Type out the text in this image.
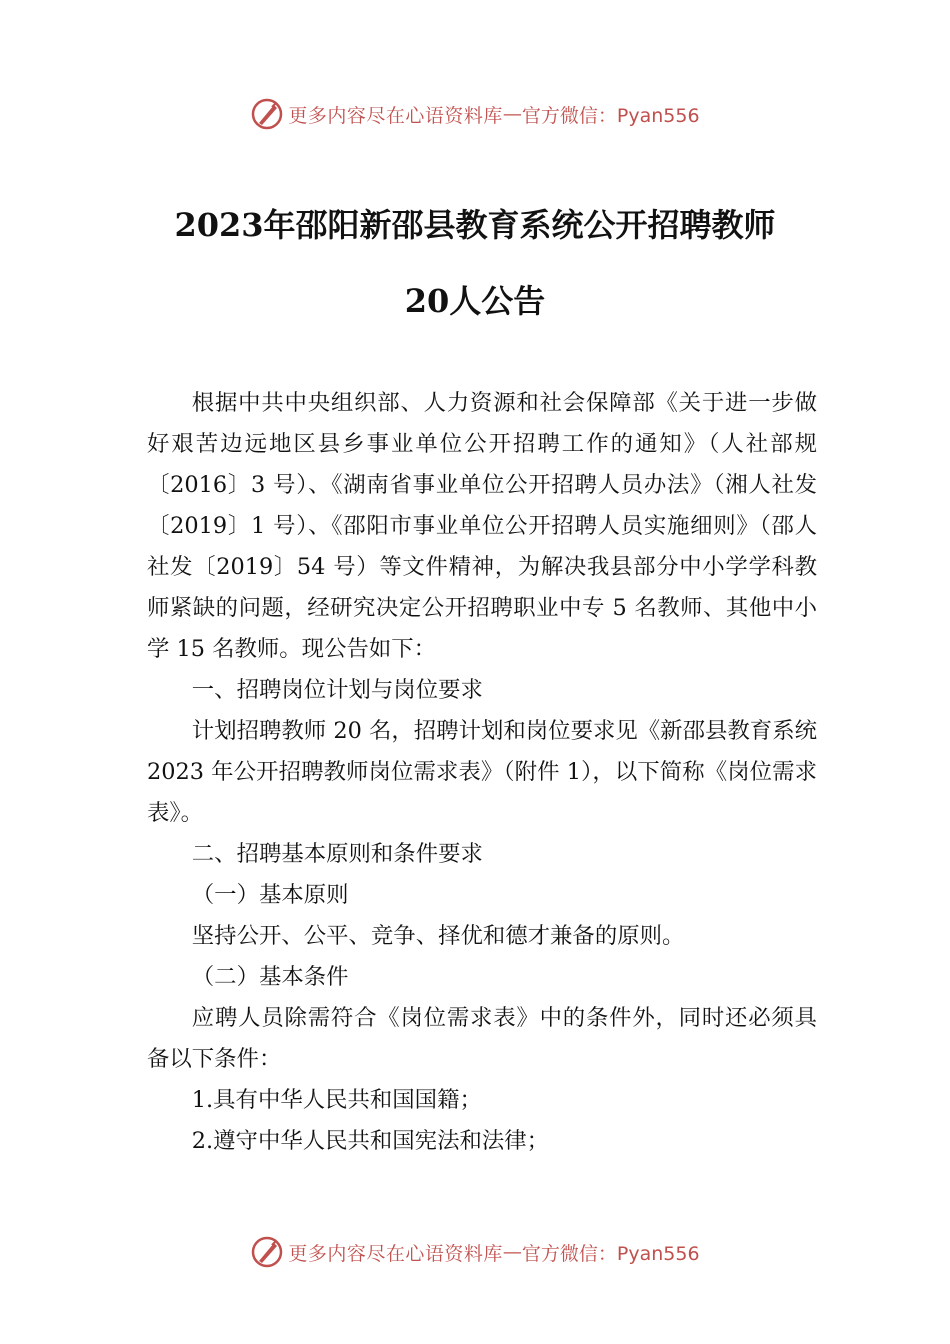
更多内容尽在心语资料库 — 官方微信：Pyan556
2023年邵阳新邵县教育系统公开招聘教师
20人公告

根据中共中央组织部、人力资源和社会保障部《关于进一步做好艰苦边远地区县乡事业单位公开招聘工作的通知》（人社部规〔2016〕3 号）、《湖南省事业单位公开招聘人员办法》（湘人社发〔2019〕1 号）、《邵阳市事业单位公开招聘人员实施细则》（邵人社发〔2019〕54 号）等文件精神，为解决我县部分中小学学科教师紧缺的问题，经研究决定公开招聘职业中专 5 名教师、其他中小学 15 名教师。现公告如下：

一、招聘岗位计划与岗位要求

计划招聘教师 20 名，招聘计划和岗位要求见《新邵县教育系统 2023 年公开招聘教师岗位需求表》（附件 1），以下简称《岗位需求表》。

二、招聘基本原则和条件要求

（一）基本原则

坚持公开、公平、竞争、择优和德才兼备的原则。

（二）基本条件

应聘人员除需符合《岗位需求表》中的条件外，同时还必须具备以下条件：

1.具有中华人民共和国国籍；

2.遵守中华人民共和国宪法和法律；

更多内容尽在心语资料库 — 官方微信：Pyan556
